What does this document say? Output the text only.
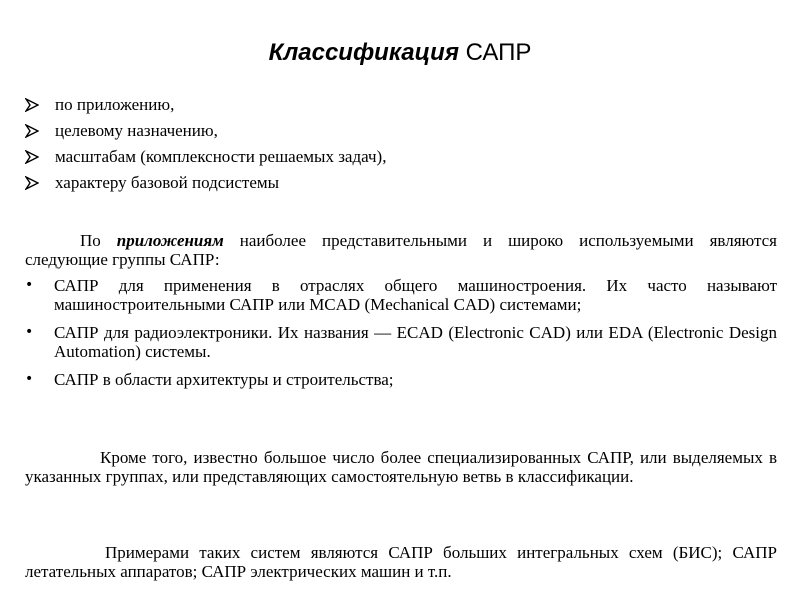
Классификация САПР
по приложению,
целевому назначению,
масштабам (комплексности решаемых задач),
характеру базовой подсистемы

По приложениям наиболее представительными и широко используемыми являются следующие группы САПР:

• САПР для применения в отраслях общего машиностроения. Их часто называют машиностроительными САПР или MCAD (Mechanical CAD) системами;
• САПР для радиоэлектроники. Их названия — ECAD (Electronic CAD) или EDA (Electronic Design Automation) системы.
• САПР в области архитектуры и строительства;

Кроме того, известно большое число более специализированных САПР, или выделяемых в указанных группах, или представляющих самостоятельную ветвь в классификации.

Примерами таких систем являются САПР больших интегральных схем (БИС); САПР летательных аппаратов; САПР электрических машин и т.п.
